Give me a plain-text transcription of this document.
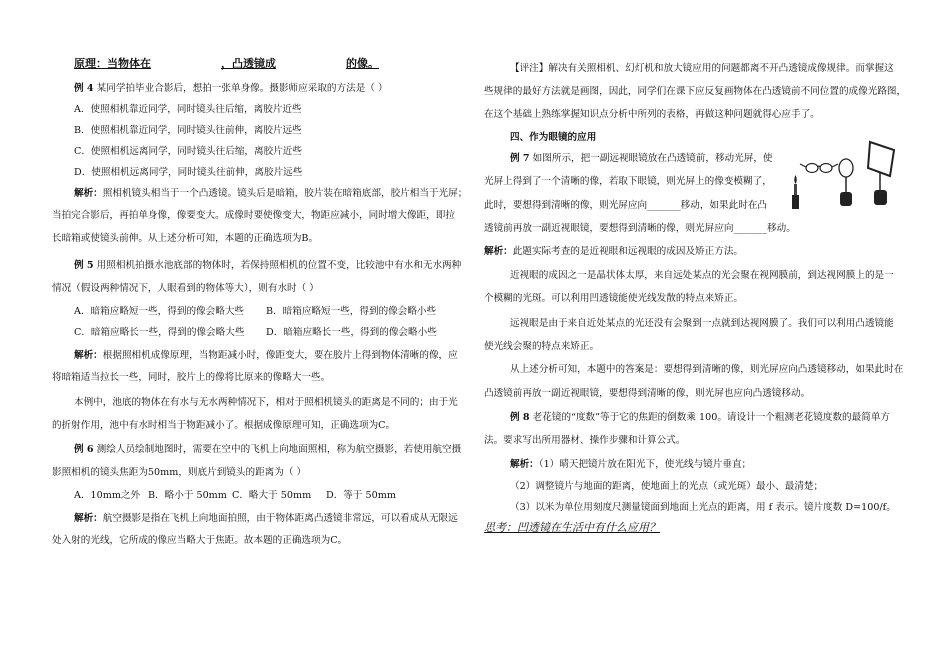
原理：当物体在	，凸透镜成	的像。
例 4 某同学拍毕业合影后，想拍一张单身像。摄影师应采取的方法是（ ）
A．使照相机靠近同学，同时镜头往后缩，离胶片近些
B．使照相机靠近同学，同时镜头往前伸，离胶片远些
C．使照相机远离同学，同时镜头往后缩，离胶片近些
D．使照相机远离同学，同时镜头往前伸，离胶片远些
解析：照相机镜头相当于一个凸透镜。镜头后是暗箱，胶片装在暗箱底部，胶片相当于光屏；
当拍完合影后，再拍单身像，像要变大。成像时要使像变大，物距应减小，同时增大像距，即拉
长暗箱或使镜头前伸。从上述分析可知，本题的正确选项为B。
例 5 用照相机拍摄水池底部的物体时，若保持照相机的位置不变，比较池中有水和无水两种
情况（假设两种情况下，人眼看到的物体等大），则有水时（ ）
A．暗箱应略短一些，得到的像会略大些 B．暗箱应略短一些，得到的像会略小些
C．暗箱应略长一些，得到的像会略大些 D．暗箱应略长一些，得到的像会略小些
解析：根据照相机成像原理，当物距减小时，像距变大，要在胶片上得到物体清晰的像，应
将暗箱适当拉长一些，同时，胶片上的像将比原来的像略大一些。
本例中，池底的物体在有水与无水两种情况下，相对于照相机镜头的距离是不同的；由于光
的折射作用，池中有水时相当于物距减小了。根据成像原理可知，正确选项为C。
例 6 测绘人员绘制地图时，需要在空中的飞机上向地面照相，称为航空摄影，若使用航空摄
影照相机的镜头焦距为50mm，则底片到镜头的距离为（ ）
A．10mm之外 B．略小于 50mm C．略大于 50mm D．等于 50mm
解析：航空摄影是指在飞机上向地面拍照，由于物体距离凸透镜非常远，可以看成从无限远
处入射的光线，它所成的像应当略大于焦距。故本题的正确选项为C。
【评注】解决有关照相机、幻灯机和放大镜应用的问题都离不开凸透镜成像规律。而掌握这
些规律的最好方法就是画图，因此，同学们在课下应反复画物体在凸透镜前不同位置的成像光路图，
在这个基础上熟练掌握知识点分析中所列的表格，再做这种问题就得心应手了。
四、作为眼镜的应用
例 7 如图所示，把一副远视眼镜放在凸透镜前，移动光屏，使
光屏上得到了一个清晰的像，若取下眼镜，则光屏上的像变模糊了，
此时，要想得到清晰的像，则光屏应向_______移动，如果此时在凸
透镜前再放一副近视眼镜，要想得到清晰的像，则光屏应向_______移动。
解析：此题实际考查的是近视眼和远视眼的成因及矫正方法。
近视眼的成因之一是晶状体太厚，来自远处某点的光会聚在视网膜前，到达视网膜上的是一
个模糊的光斑。可以利用凹透镜能使光线发散的特点来矫正。
远视眼是由于来自近处某点的光还没有会聚到一点就到达视网膜了。我们可以利用凸透镜能
使光线会聚的特点来矫正。
从上述分析可知，本题中的答案是：要想得到清晰的像，则光屏应向凸透镜移动，如果此时在
凸透镜前再放一副近视眼镜，要想得到清晰的像，则光屏也应向凸透镜移动。
例 8 老花镜的“度数”等于它的焦距的倒数乘 100。请设计一个粗测老花镜度数的最简单方
法。要求写出所用器材、操作步骤和计算公式。
解析：（1）晴天把镜片放在阳光下，使光线与镜片垂直；
（2）调整镜片与地面的距离，使地面上的光点（或光斑）最小、最清楚；
（3）以米为单位用刻度尺测量镜面到地面上光点的距离，用 f 表示。镜片度数 D=100/f。
思考：凹透镜在生活中有什么应用？
